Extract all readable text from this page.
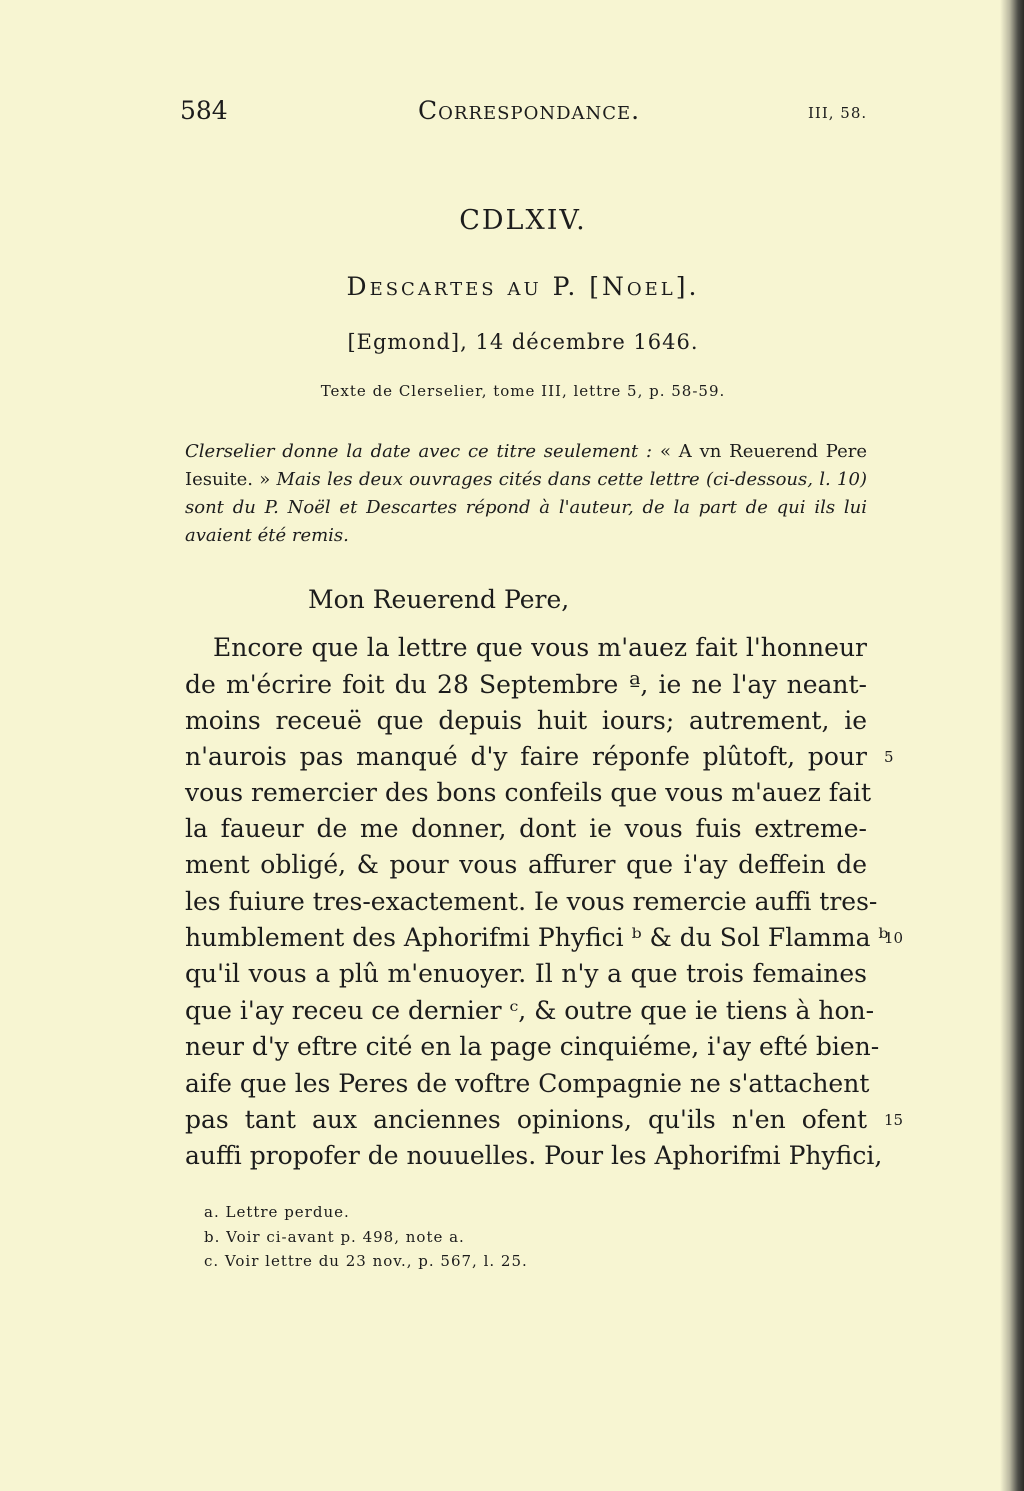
584	Correspondance.	III, 58.
CDLXIV.
Descartes au P. [Noel].
[Egmond], 14 décembre 1646.
Texte de Clerselier, tome III, lettre 5, p. 58-59.
Clerselier donne la date avec ce titre seulement : « A vn Reuerend Pere Iesuite. » Mais les deux ouvrages cités dans cette lettre (ci-dessous, l. 10) sont du P. Noël et Descartes répond à l'auteur, de la part de qui ils lui avaient été remis.
Mon Reuerend Pere,
Encore que la lettre que vous m'auez fait l'honneur
de m'écrire foit du 28 Septembre ª, ie ne l'ay neant-
moins receuë que depuis huit iours; autrement, ie
n'aurois pas manqué d'y faire réponfe plûtoft, pour
vous remercier des bons confeils que vous m'auez fait
la faueur de me donner, dont ie vous fuis extreme-
ment obligé, & pour vous affurer que i'ay deffein de
les fuiure tres-exactement. Ie vous remercie auffi tres-
humblement des Aphorifmi Phyfici ᵇ & du Sol Flamma ᵇ
qu'il vous a plû m'enuoyer. Il n'y a que trois femaines
que i'ay receu ce dernier ᶜ, & outre que ie tiens à hon-
neur d'y eftre cité en la page cinquiéme, i'ay efté bien-
aife que les Peres de voftre Compagnie ne s'attachent
pas tant aux anciennes opinions, qu'ils n'en ofent
auffi propofer de nouuelles. Pour les Aphorifmi Phyfici,
5
10
15
a. Lettre perdue.
b. Voir ci-avant p. 498, note a.
c. Voir lettre du 23 nov., p. 567, l. 25.
